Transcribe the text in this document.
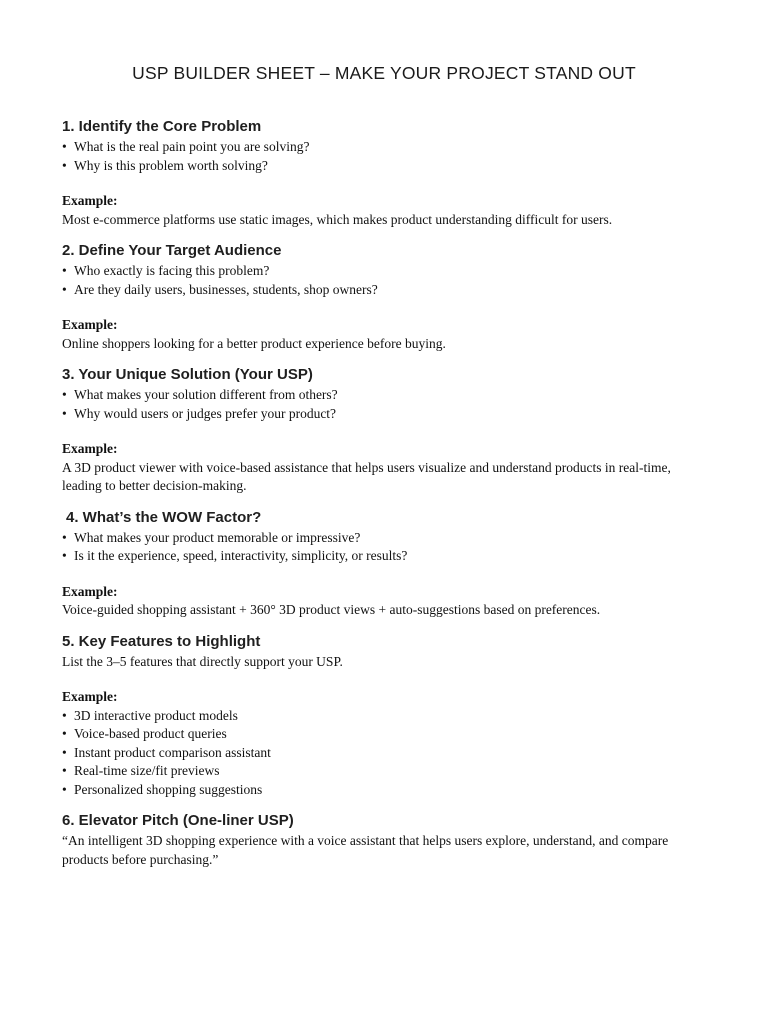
USP BUILDER SHEET – MAKE YOUR PROJECT STAND OUT
1. Identify the Core Problem
• What is the real pain point you are solving?
• Why is this problem worth solving?
Example:

Most e-commerce platforms use static images, which makes product understanding difficult for users.

2. Define Your Target Audience
• Who exactly is facing this problem?
• Are they daily users, businesses, students, shop owners?
Example:

Online shoppers looking for a better product experience before buying.

3. Your Unique Solution (Your USP)
• What makes your solution different from others?
• Why would users or judges prefer your product?
Example:

A 3D product viewer with voice-based assistance that helps users visualize and understand products in real-time, leading to better decision-making.

4. What’s the WOW Factor?
• What makes your product memorable or impressive?
• Is it the experience, speed, interactivity, simplicity, or results?
Example:

Voice-guided shopping assistant + 360° 3D product views + auto-suggestions based on preferences.

5. Key Features to Highlight

List the 3–5 features that directly support your USP.

Example:
• 3D interactive product models
• Voice-based product queries
• Instant product comparison assistant
• Real-time size/fit previews
• Personalized shopping suggestions
6. Elevator Pitch (One-liner USP)

“An intelligent 3D shopping experience with a voice assistant that helps users explore, understand, and compare products before purchasing.”
